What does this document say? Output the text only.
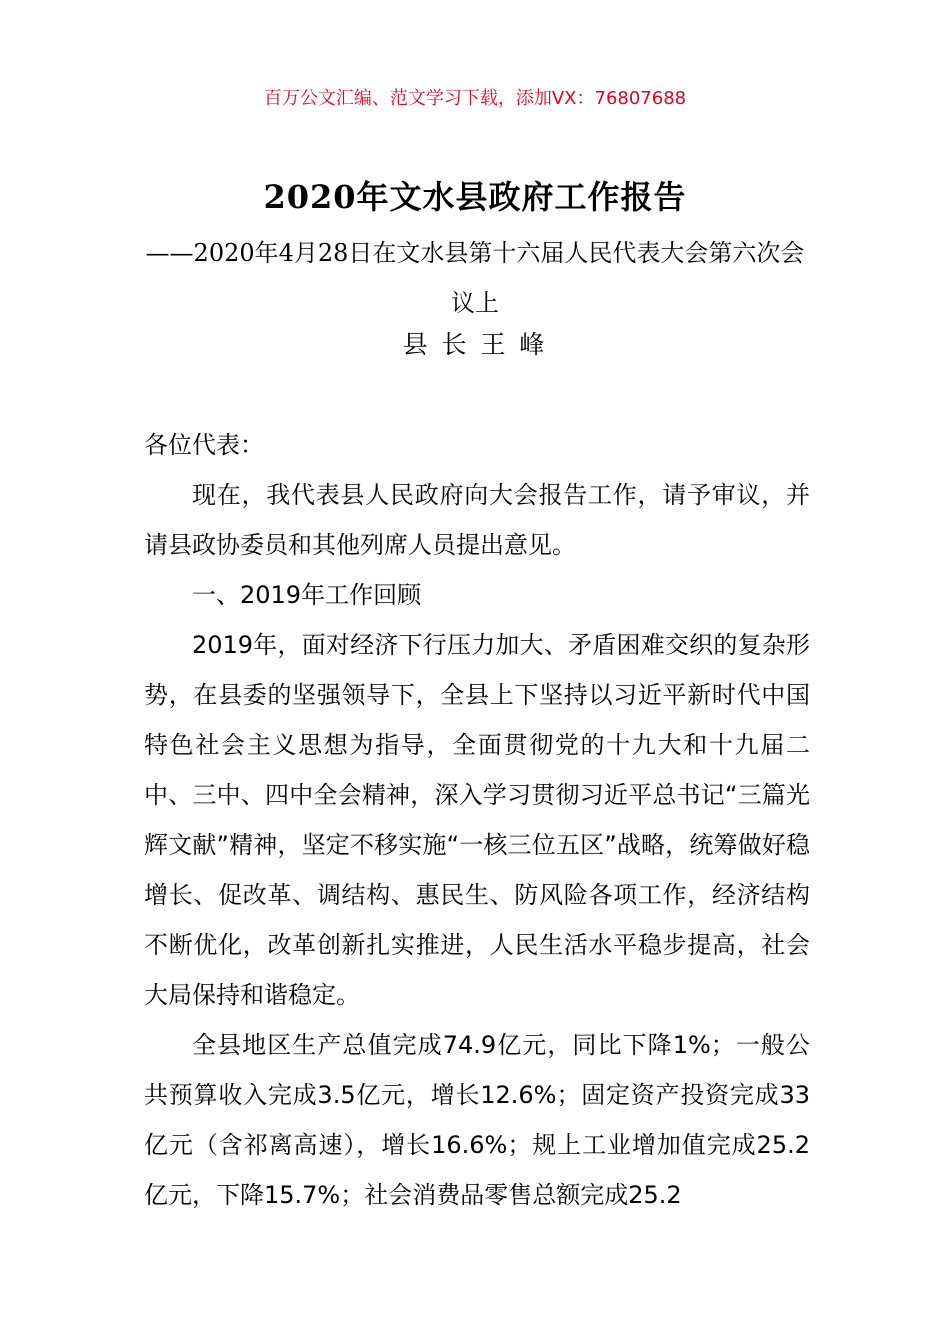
百万公文汇编、范文学习下载，添加VX：76807688
2020年文水县政府工作报告
——2020年4月28日在文水县第十六届人民代表大会第六次会议上
县 长 王 峰

各位代表：

现在，我代表县人民政府向大会报告工作，请予审议，并请县政协委员和其他列席人员提出意见。

一、2019年工作回顾

2019年，面对经济下行压力加大、矛盾困难交织的复杂形势，在县委的坚强领导下，全县上下坚持以习近平新时代中国特色社会主义思想为指导，全面贯彻党的十九大和十九届二中、三中、四中全会精神，深入学习贯彻习近平总书记“三篇光辉文献”精神，坚定不移实施“一核三位五区”战略，统筹做好稳增长、促改革、调结构、惠民生、防风险各项工作，经济结构不断优化，改革创新扎实推进，人民生活水平稳步提高，社会大局保持和谐稳定。

全县地区生产总值完成74.9亿元，同比下降1%；一般公共预算收入完成3.5亿元，增长12.6%；固定资产投资完成33亿元（含祁离高速），增长16.6%；规上工业增加值完成25.2亿元，下降15.7%；社会消费品零售总额完成25.2
